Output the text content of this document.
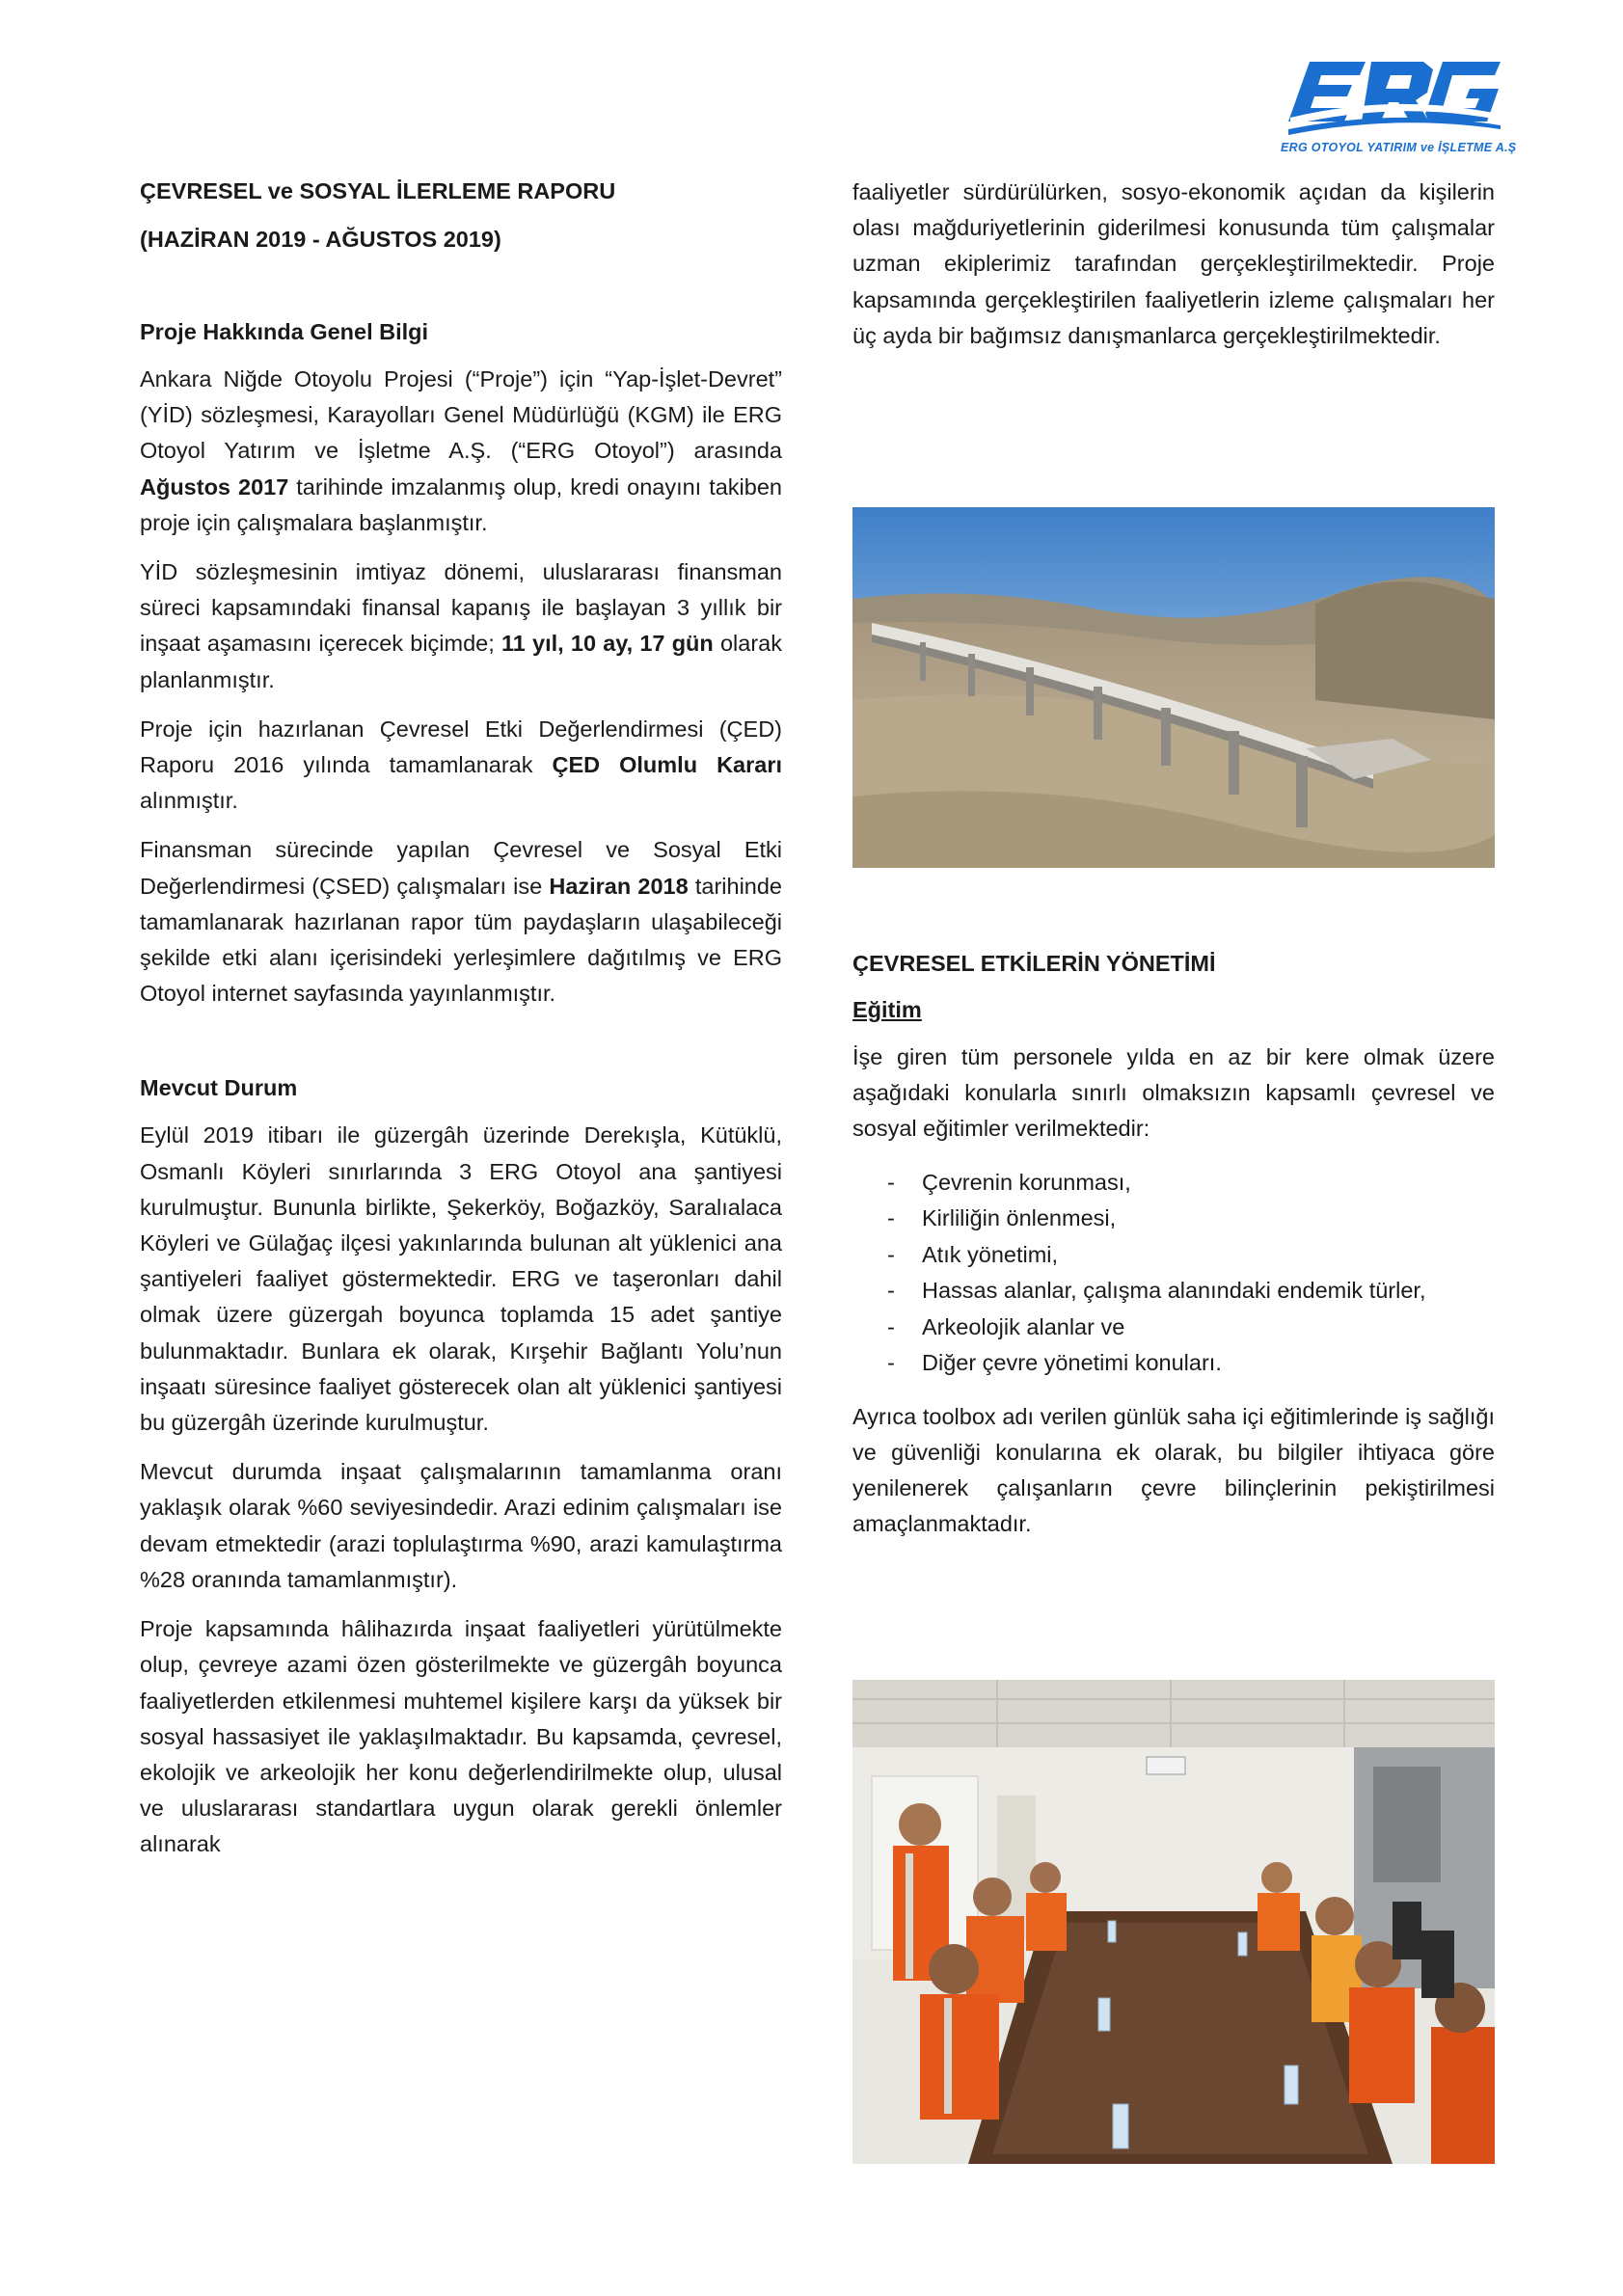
ERG OTOYOL YATIRIM ve İŞLETME A.Ş
ÇEVRESEL ve SOSYAL İLERLEME RAPORU
(HAZİRAN 2019 - AĞUSTOS 2019)
Proje Hakkında Genel Bilgi

Ankara Niğde Otoyolu Projesi (“Proje”) için “Yap-İşlet-Devret” (YİD) sözleşmesi, Karayolları Genel Müdürlüğü (KGM) ile ERG Otoyol Yatırım ve İşletme A.Ş. (“ERG Otoyol”) arasında Ağustos 2017 tarihinde imzalanmış olup, kredi onayını takiben proje için çalışmalara başlanmıştır.

YİD sözleşmesinin imtiyaz dönemi, uluslararası finansman süreci kapsamındaki finansal kapanış ile başlayan 3 yıllık bir inşaat aşamasını içerecek biçimde; 11 yıl, 10 ay, 17 gün olarak planlanmıştır.

Proje için hazırlanan Çevresel Etki Değerlendirmesi (ÇED) Raporu 2016 yılında tamamlanarak ÇED Olumlu Kararı alınmıştır.

Finansman sürecinde yapılan Çevresel ve Sosyal Etki Değerlendirmesi (ÇSED) çalışmaları ise Haziran 2018 tarihinde tamamlanarak hazırlanan rapor tüm paydaşların ulaşabileceği şekilde etki alanı içerisindeki yerleşimlere dağıtılmış ve ERG Otoyol internet sayfasında yayınlanmıştır.

Mevcut Durum

Eylül 2019 itibarı ile güzergâh üzerinde Derekışla, Kütüklü, Osmanlı Köyleri sınırlarında 3 ERG Otoyol ana şantiyesi kurulmuştur. Bununla birlikte, Şekerköy, Boğazköy, Saralıalaca Köyleri ve Gülağaç ilçesi yakınlarında bulunan alt yüklenici ana şantiyeleri faaliyet göstermektedir. ERG ve taşeronları dahil olmak üzere güzergah boyunca toplamda 15 adet şantiye bulunmaktadır. Bunlara ek olarak, Kırşehir Bağlantı Yolu’nun inşaatı süresince faaliyet gösterecek olan alt yüklenici şantiyesi bu güzergâh üzerinde kurulmuştur.

Mevcut durumda inşaat çalışmalarının tamamlanma oranı yaklaşık olarak %60 seviyesindedir. Arazi edinim çalışmaları ise devam etmektedir (arazi toplulaştırma %90, arazi kamulaştırma %28 oranında tamamlanmıştır).

Proje kapsamında hâlihazırda inşaat faaliyetleri yürütülmekte olup, çevreye azami özen gösterilmekte ve güzergâh boyunca faaliyetlerden etkilenmesi muhtemel kişilere karşı da yüksek bir sosyal hassasiyet ile yaklaşılmaktadır. Bu kapsamda, çevresel, ekolojik ve arkeolojik her konu değerlendirilmekte olup, ulusal ve uluslararası standartlara uygun olarak gerekli önlemler alınarak

faaliyetler sürdürülürken, sosyo-ekonomik açıdan da kişilerin olası mağduriyetlerinin giderilmesi konusunda tüm çalışmalar uzman ekiplerimiz tarafından gerçekleştirilmektedir. Proje kapsamında gerçekleştirilen faaliyetlerin izleme çalışmaları her üç ayda bir bağımsız danışmanlarca gerçekleştirilmektedir.

ÇEVRESEL ETKİLERİN YÖNETİMİ
Eğitim

İşe giren tüm personele yılda en az bir kere olmak üzere aşağıdaki konularla sınırlı olmaksızın kapsamlı çevresel ve sosyal eğitimler verilmektedir:

- Çevrenin korunması,
- Kirliliğin önlenmesi,
- Atık yönetimi,
- Hassas alanlar, çalışma alanındaki endemik türler,
- Arkeolojik alanlar ve
- Diğer çevre yönetimi konuları.

Ayrıca toolbox adı verilen günlük saha içi eğitimlerinde iş sağlığı ve güvenliği konularına ek olarak, bu bilgiler ihtiyaca göre yenilenerek çalışanların çevre bilinçlerinin pekiştirilmesi amaçlanmaktadır.
